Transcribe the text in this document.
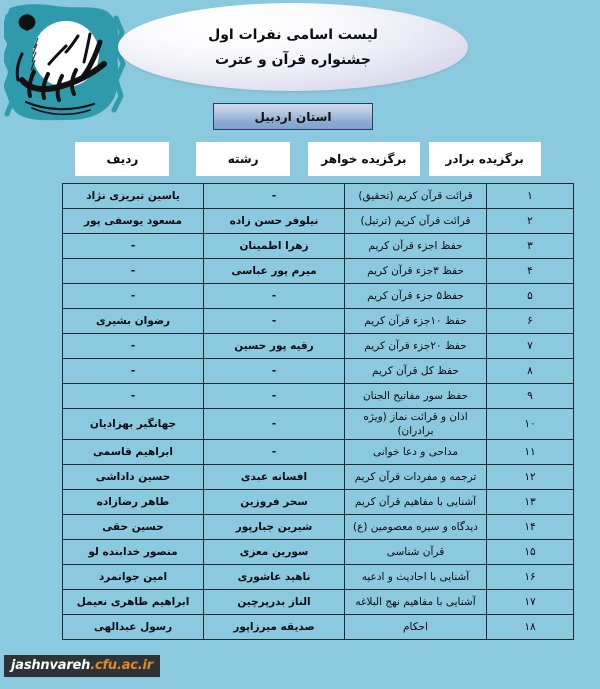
لیست اسامی نفرات اول
جشنواره قرآن و عترت
استان اردبیل
ردیف	رشته	برگزیده خواهر	برگزیده برادر
۱	قرائت قرآن کریم (تحقیق)	-	یاسین تبریزی نژاد
۲	قرائت قرآن کریم (ترتیل)	نیلوفر حسن زاده	مسعود یوسفی پور
۳	حفظ اجزء قرآن کریم	زهرا اطمینان	-
۴	حفظ ۳جزء قرآن کریم	میرم پور عباسی	-
۵	حفظ۵ جزء قرآن کریم	-	-
۶	حفظ ۱۰جزء قرآن کریم	-	رضوان بشیری
۷	حفظ ۲۰جزء قرآن کریم	رقیه پور حسین	-
۸	حفظ کل قرآن کریم	-	-
۹	حفظ سور مفاتیح الجنان	-	-
۱۰	اذان و قرائت نماز (ویژه برادران)	-	جهانگیر بهزادیان
۱۱	مداحی و دعا خوانی	-	ابراهیم قاسمی
۱۲	ترجمه و مفردات قرآن کریم	افسانه عبدی	حسین داداشی
۱۳	آشنایی با مفاهیم قرآن کریم	سحر فروزین	طاهر رضازاده
۱۴	دیدگاه و سیره معصومین (ع)	شیرین جبارپور	حسین حقی
۱۵	قرآن شناسی	سورین معزی	منصور خدابنده لو
۱۶	آشنایی با احادیث و ادعیه	ناهید عاشوری	امین جوانمرد
۱۷	آشنایی با مفاهیم نهج البلاغه	الناز بدرپرچین	ابراهیم طاهری نعیمل
۱۸	احکام	صدیقه میرزاپور	رسول عبدالهی
jashnvareh .cfu.ac.ir
